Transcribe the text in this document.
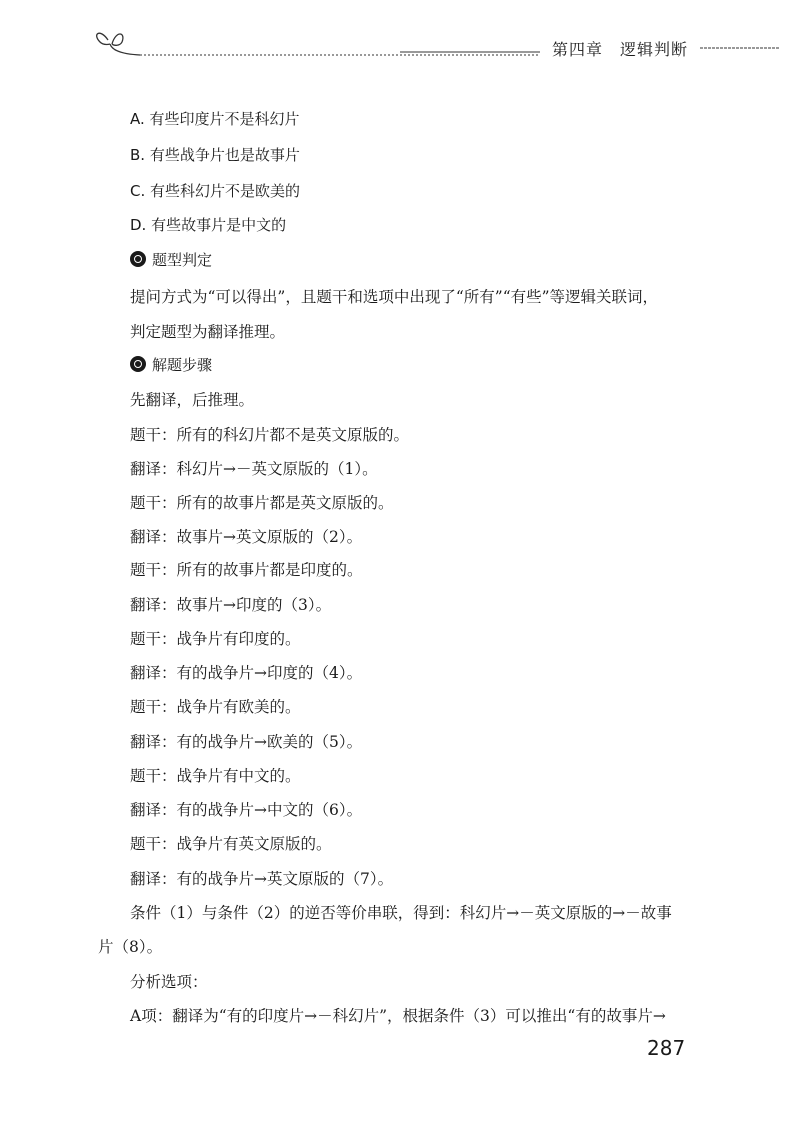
第四章　逻辑判断
A. 有些印度片不是科幻片
B. 有些战争片也是故事片
C. 有些科幻片不是欧美的
D. 有些故事片是中文的
题型判定
提问方式为“可以得出”，且题干和选项中出现了“所有”“有些”等逻辑关联词，
判定题型为翻译推理。
解题步骤
先翻译，后推理。
题干：所有的科幻片都不是英文原版的。
翻译：科幻片→－英文原版的（1）。
题干：所有的故事片都是英文原版的。
翻译：故事片→英文原版的（2）。
题干：所有的故事片都是印度的。
翻译：故事片→印度的（3）。
题干：战争片有印度的。
翻译：有的战争片→印度的（4）。
题干：战争片有欧美的。
翻译：有的战争片→欧美的（5）。
题干：战争片有中文的。
翻译：有的战争片→中文的（6）。
题干：战争片有英文原版的。
翻译：有的战争片→英文原版的（7）。
条件（1）与条件（2）的逆否等价串联，得到：科幻片→－英文原版的→－故事
片（8）。
分析选项：
A项：翻译为“有的印度片→－科幻片”，根据条件（3）可以推出“有的故事片→
287
